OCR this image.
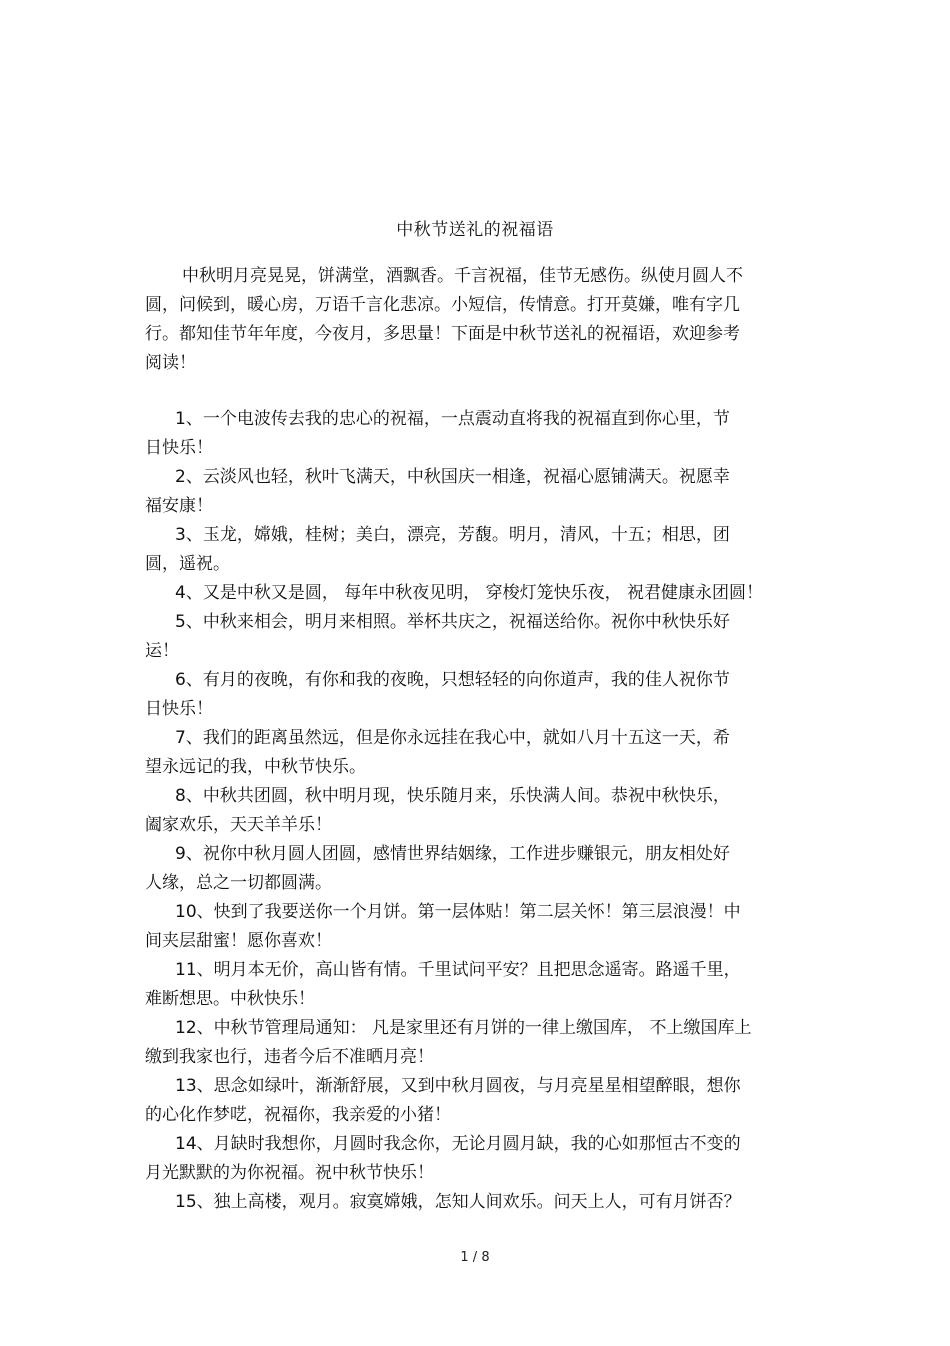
中秋节送礼的祝福语
中秋明月亮晃晃，饼满堂，酒飘香。千言祝福，佳节无感伤。纵使月圆人不
圆，问候到，暖心房，万语千言化悲凉。小短信，传情意。打开莫嫌，唯有字几
行。都知佳节年年度，今夜月，多思量！下面是中秋节送礼的祝福语，欢迎参考
阅读！
1、一个电波传去我的忠心的祝福，一点震动直将我的祝福直到你心里，节
日快乐！
2、云淡风也轻，秋叶飞满天，中秋国庆一相逢，祝福心愿铺满天。祝愿幸
福安康！
3、玉龙，嫦娥，桂树；美白，漂亮，芳馥。明月，清风，十五；相思，团
圆，遥祝。
4、又是中秋又是圆， 每年中秋夜见明， 穿梭灯笼快乐夜， 祝君健康永团圆！
5、中秋来相会，明月来相照。举杯共庆之，祝福送给你。祝你中秋快乐好
运！
6、有月的夜晚，有你和我的夜晚，只想轻轻的向你道声，我的佳人祝你节
日快乐！
7、我们的距离虽然远，但是你永远挂在我心中，就如八月十五这一天，希
望永远记的我，中秋节快乐。
8、中秋共团圆，秋中明月现，快乐随月来，乐快满人间。恭祝中秋快乐，
阖家欢乐，天天羊羊乐！
9、祝你中秋月圆人团圆，感情世界结姻缘，工作进步赚银元，朋友相处好
人缘，总之一切都圆满。
10、快到了我要送你一个月饼。第一层体贴！第二层关怀！第三层浪漫！中
间夹层甜蜜！愿你喜欢！
11、明月本无价，高山皆有情。千里试问平安？且把思念遥寄。路遥千里，
难断想思。中秋快乐！
12、中秋节管理局通知： 凡是家里还有月饼的一律上缴国库， 不上缴国库上
缴到我家也行，违者今后不准晒月亮！
13、思念如绿叶，渐渐舒展，又到中秋月圆夜，与月亮星星相望醉眼，想你
的心化作梦呓，祝福你，我亲爱的小猪！
14、月缺时我想你，月圆时我念你，无论月圆月缺，我的心如那恒古不变的
月光默默的为你祝福。祝中秋节快乐！
15、独上高楼，观月。寂寞嫦娥，怎知人间欢乐。问天上人，可有月饼否？
1 / 8
